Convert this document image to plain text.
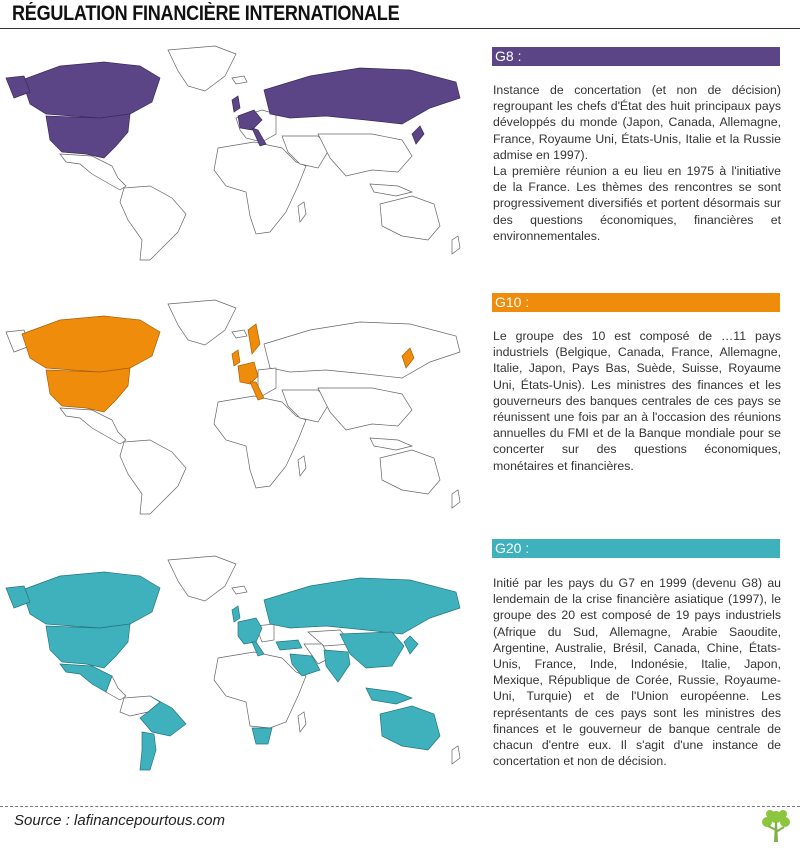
RÉGULATION FINANCIÈRE INTERNATIONALE
G8 :

Instance de concertation (et non de décision) regroupant les chefs d'État des huit principaux pays développés du monde (Japon, Canada, Allemagne, France, Royaume Uni, États-Unis, Italie et la Russie admise en 1997).

La première réunion a eu lieu en 1975 à l'initiative de la France. Les thèmes des rencontres se sont progressivement diversifiés et portent désormais sur des questions économiques, financières et environnementales.

G10 :

Le groupe des 10 est composé de …11 pays industriels (Belgique, Canada, France, Allemagne, Italie, Japon, Pays Bas, Suède, Suisse, Royaume Uni, États-Unis). Les ministres des finances et les gouverneurs des banques centrales de ces pays se réunissent une fois par an à l'occasion des réunions annuelles du FMI et de la Banque mondiale pour se concerter sur des questions économiques, monétaires et financières.

G20 :

Initié par les pays du G7 en 1999 (devenu G8) au lendemain de la crise financière asiatique (1997), le groupe des 20 est composé de 19 pays industriels (Afrique du Sud, Allemagne, Arabie Saoudite, Argentine, Australie, Brésil, Canada, Chine, États-Unis, France, Inde, Indonésie, Italie, Japon, Mexique, République de Corée, Russie, Royaume-Uni, Turquie) et de l'Union européenne. Les représentants de ces pays sont les ministres des finances et le gouverneur de banque centrale de chacun d'entre eux. Il s'agit d'une instance de concertation et non de décision.

Source : lafinancepourtous.com
